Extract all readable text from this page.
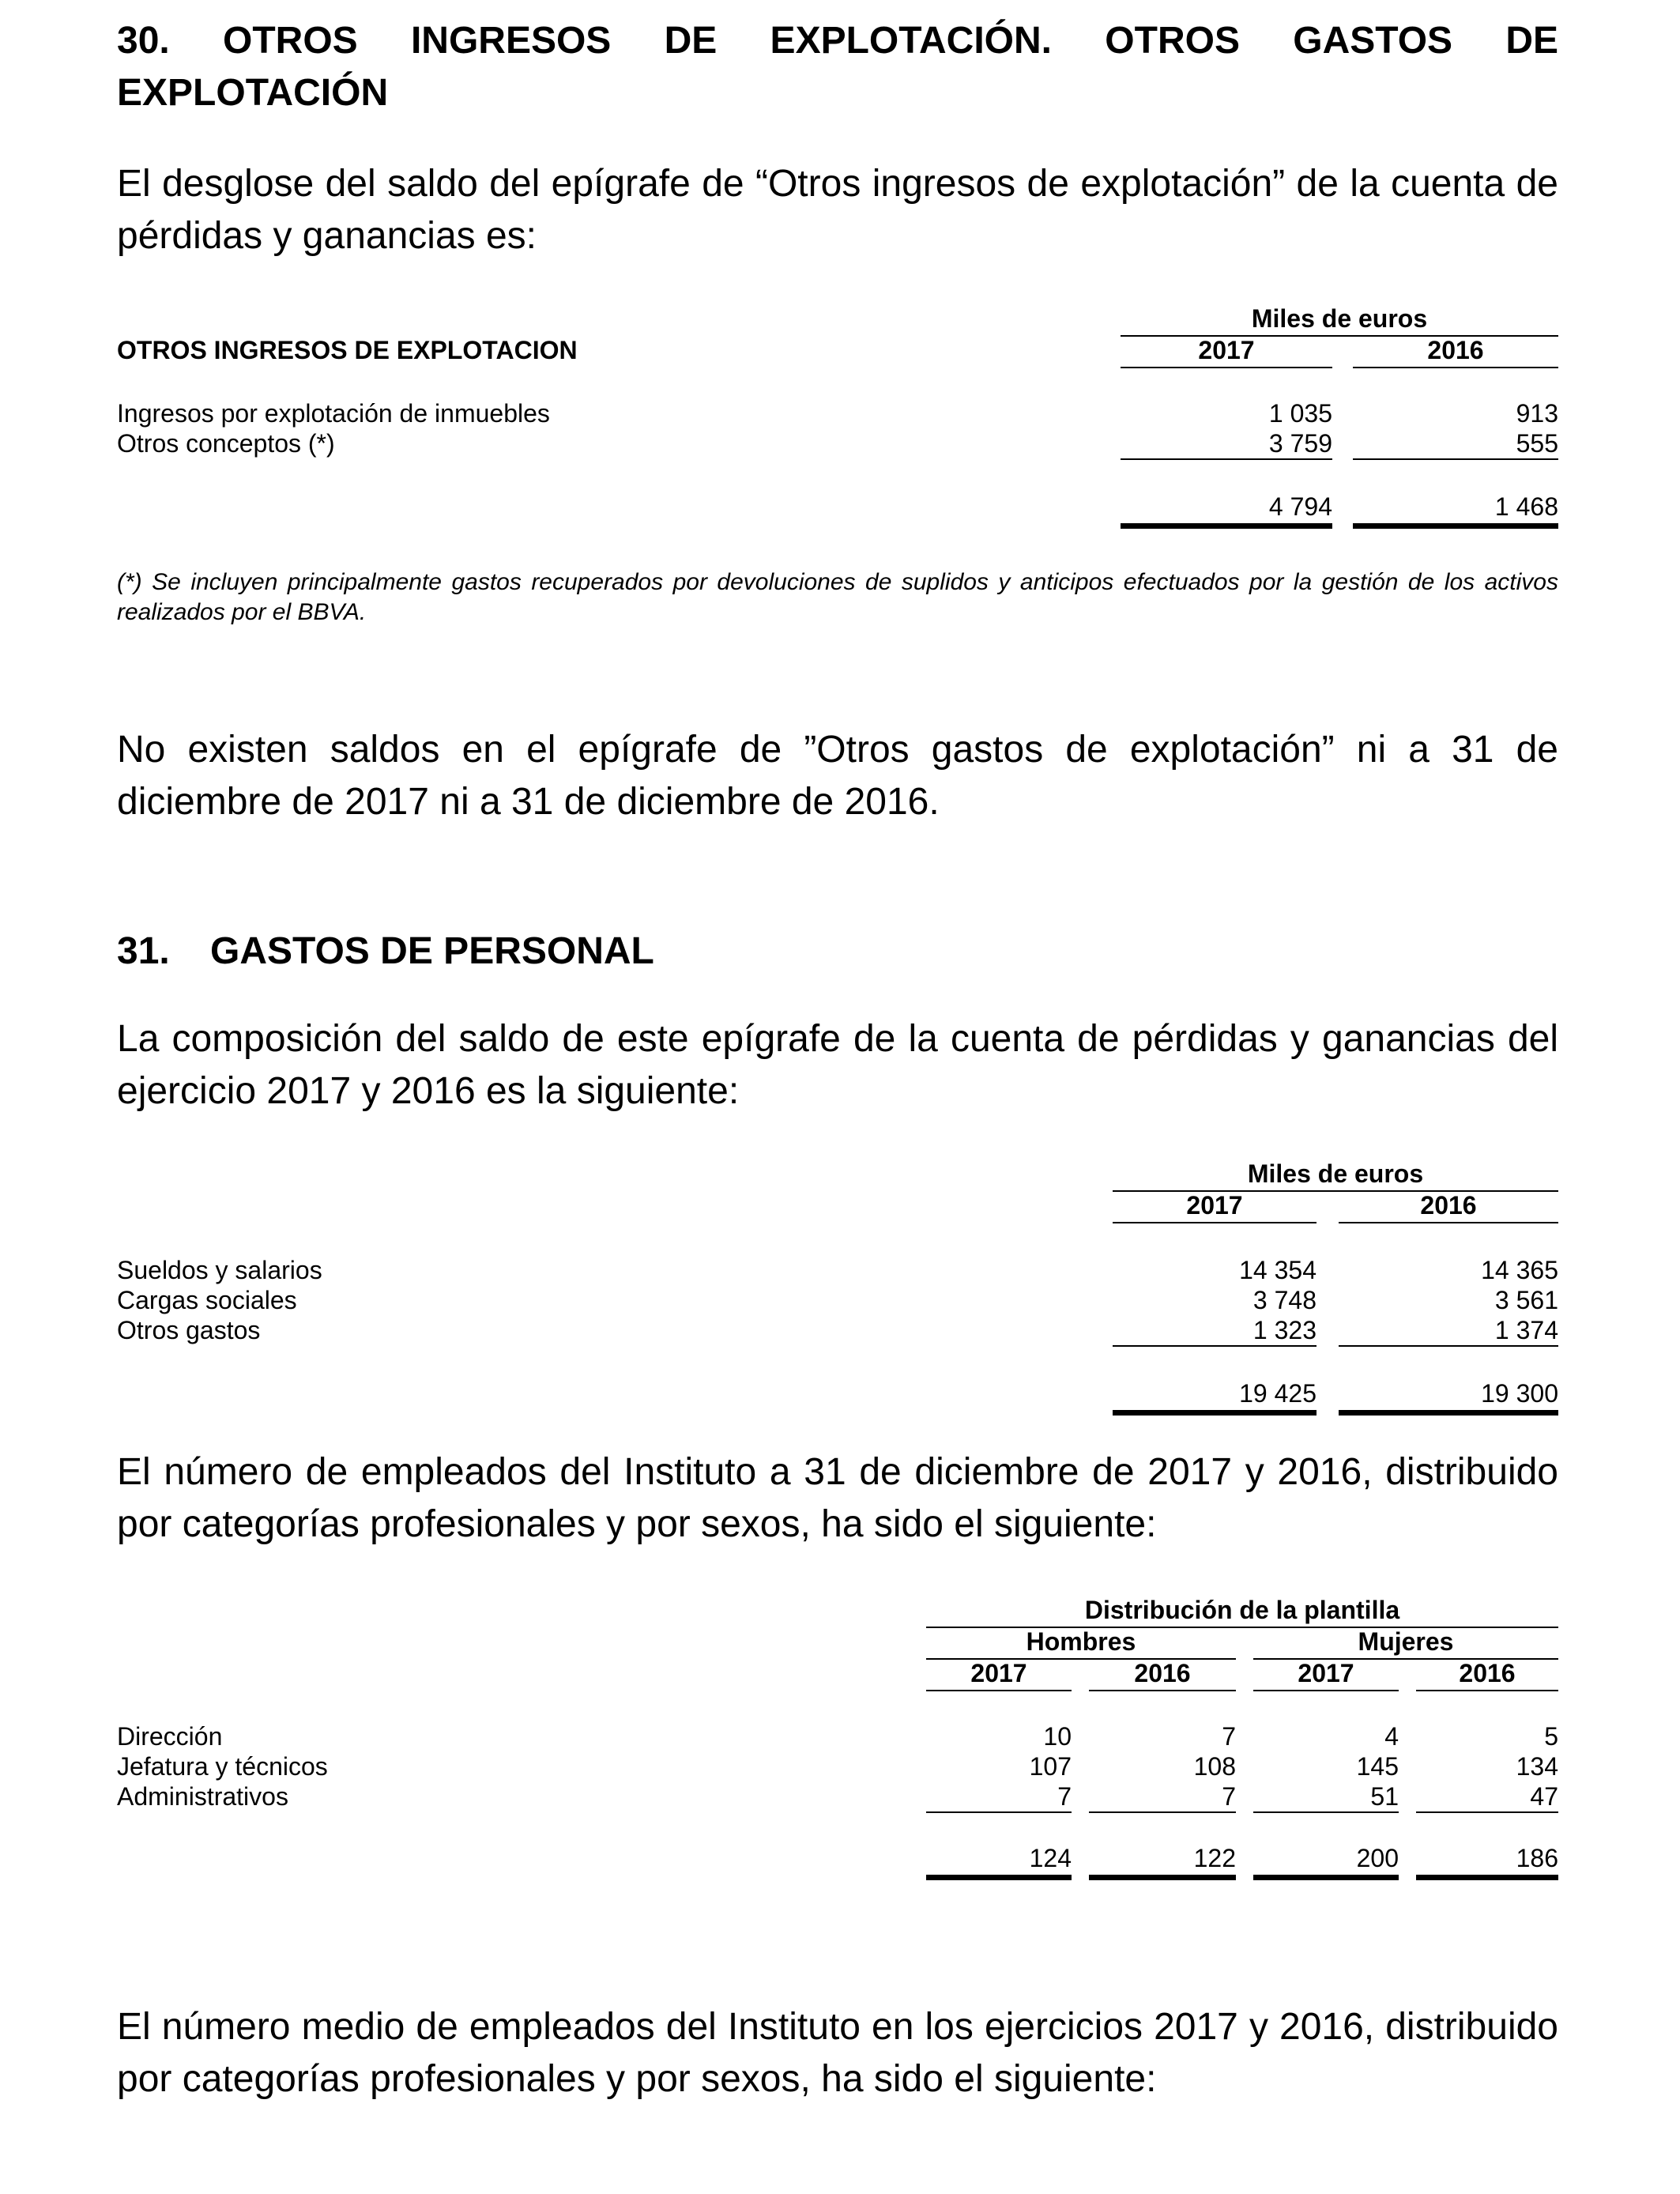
30.    OTROS    INGRESOS    DE    EXPLOTACIÓN.    OTROS    GASTOS    DE
EXPLOTACIÓN
El desglose del saldo del epígrafe de “Otros ingresos de explotación” de la cuenta de pérdidas y ganancias es:
Miles de euros
OTROS INGRESOS DE EXPLOTACION	2017	2016
Ingresos por explotación de inmuebles	1 035	913
Otros conceptos (*)	3 759	555
4 794	1 468
(*) Se incluyen principalmente gastos recuperados por devoluciones de suplidos y anticipos efectuados por la gestión de los activos realizados por el BBVA.
No existen saldos en el epígrafe de ”Otros gastos de explotación” ni a 31 de diciembre de 2017 ni a 31 de diciembre de 2016.
31. GASTOS DE PERSONAL
La composición del saldo de este epígrafe de la cuenta de pérdidas y ganancias del ejercicio 2017 y 2016 es la siguiente:
Miles de euros
2017	2016
Sueldos y salarios	14 354	14 365
Cargas sociales	3 748	3 561
Otros gastos	1 323	1 374
19 425	19 300
El número de empleados del Instituto a 31 de diciembre de 2017 y 2016, distribuido por categorías profesionales y por sexos, ha sido el siguiente:
Distribución de la plantilla
Hombres	Mujeres
2017	2016	2017	2016
Dirección	10	7	4	5
Jefatura y técnicos	107	108	145	134
Administrativos	7	7	51	47
124	122	200	186
El número medio de empleados del Instituto en los ejercicios 2017 y 2016, distribuido por categorías profesionales y por sexos, ha sido el siguiente:
